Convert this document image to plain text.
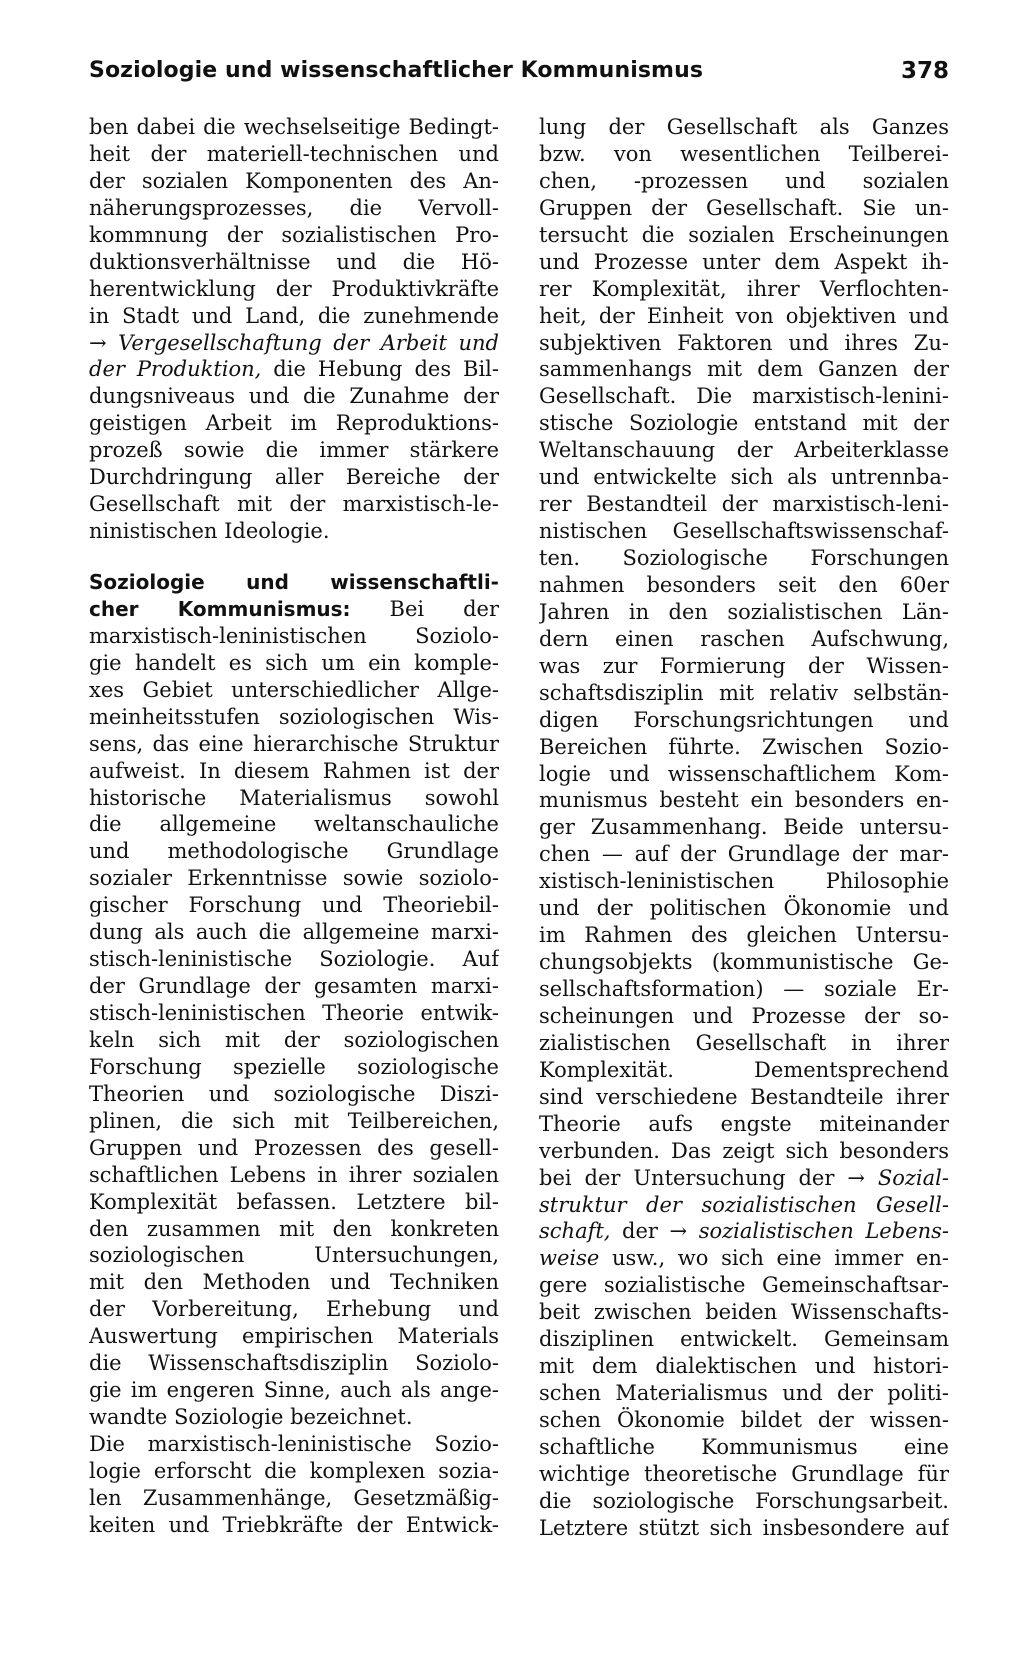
Soziologie und wissenschaftlicher Kommunismus	378
ben dabei die wechselseitige Bedingt-
heit der materiell-technischen und
der sozialen Komponenten des An-
näherungsprozesses, die Vervoll-
kommnung der sozialistischen Pro-
duktionsverhältnisse und die Hö-
herentwicklung der Produktivkräfte
in Stadt und Land, die zunehmende
→ Vergesellschaftung der Arbeit und
der Produktion, die Hebung des Bil-
dungsniveaus und die Zunahme der
geistigen Arbeit im Reproduktions-
prozeß sowie die immer stärkere
Durchdringung aller Bereiche der
Gesellschaft mit der marxistisch-le-
ninistischen Ideologie.
Soziologie und wissenschaftli-
cher Kommunismus: Bei der
marxistisch-leninistischen Soziolo-
gie handelt es sich um ein komple-
xes Gebiet unterschiedlicher Allge-
meinheitsstufen soziologischen Wis-
sens, das eine hierarchische Struktur
aufweist. In diesem Rahmen ist der
historische Materialismus sowohl
die allgemeine weltanschauliche
und methodologische Grundlage
sozialer Erkenntnisse sowie soziolo-
gischer Forschung und Theoriebil-
dung als auch die allgemeine marxi-
stisch-leninistische Soziologie. Auf
der Grundlage der gesamten marxi-
stisch-leninistischen Theorie entwik-
keln sich mit der soziologischen
Forschung spezielle soziologische
Theorien und soziologische Diszi-
plinen, die sich mit Teilbereichen,
Gruppen und Prozessen des gesell-
schaftlichen Lebens in ihrer sozialen
Komplexität befassen. Letztere bil-
den zusammen mit den konkreten
soziologischen Untersuchungen,
mit den Methoden und Techniken
der Vorbereitung, Erhebung und
Auswertung empirischen Materials
die Wissenschaftsdisziplin Soziolo-
gie im engeren Sinne, auch als ange-
wandte Soziologie bezeichnet.
Die marxistisch-leninistische Sozio-
logie erforscht die komplexen sozia-
len Zusammenhänge, Gesetzmäßig-
keiten und Triebkräfte der Entwick-
lung der Gesellschaft als Ganzes
bzw. von wesentlichen Teilberei-
chen, -prozessen und sozialen
Gruppen der Gesellschaft. Sie un-
tersucht die sozialen Erscheinungen
und Prozesse unter dem Aspekt ih-
rer Komplexität, ihrer Verflochten-
heit, der Einheit von objektiven und
subjektiven Faktoren und ihres Zu-
sammenhangs mit dem Ganzen der
Gesellschaft. Die marxistisch-lenini-
stische Soziologie entstand mit der
Weltanschauung der Arbeiterklasse
und entwickelte sich als untrennba-
rer Bestandteil der marxistisch-leni-
nistischen Gesellschaftswissenschaf-
ten. Soziologische Forschungen
nahmen besonders seit den 60er
Jahren in den sozialistischen Län-
dern einen raschen Aufschwung,
was zur Formierung der Wissen-
schaftsdisziplin mit relativ selbstän-
digen Forschungsrichtungen und
Bereichen führte. Zwischen Sozio-
logie und wissenschaftlichem Kom-
munismus besteht ein besonders en-
ger Zusammenhang. Beide untersu-
chen — auf der Grundlage der mar-
xistisch-leninistischen Philosophie
und der politischen Ökonomie und
im Rahmen des gleichen Untersu-
chungsobjekts (kommunistische Ge-
sellschaftsformation) — soziale Er-
scheinungen und Prozesse der so-
zialistischen Gesellschaft in ihrer
Komplexität. Dementsprechend
sind verschiedene Bestandteile ihrer
Theorie aufs engste miteinander
verbunden. Das zeigt sich besonders
bei der Untersuchung der → Sozial-
struktur der sozialistischen Gesell-
schaft, der → sozialistischen Lebens-
weise usw., wo sich eine immer en-
gere sozialistische Gemeinschaftsar-
beit zwischen beiden Wissenschafts-
disziplinen entwickelt. Gemeinsam
mit dem dialektischen und histori-
schen Materialismus und der politi-
schen Ökonomie bildet der wissen-
schaftliche Kommunismus eine
wichtige theoretische Grundlage für
die soziologische Forschungsarbeit.
Letztere stützt sich insbesondere auf
